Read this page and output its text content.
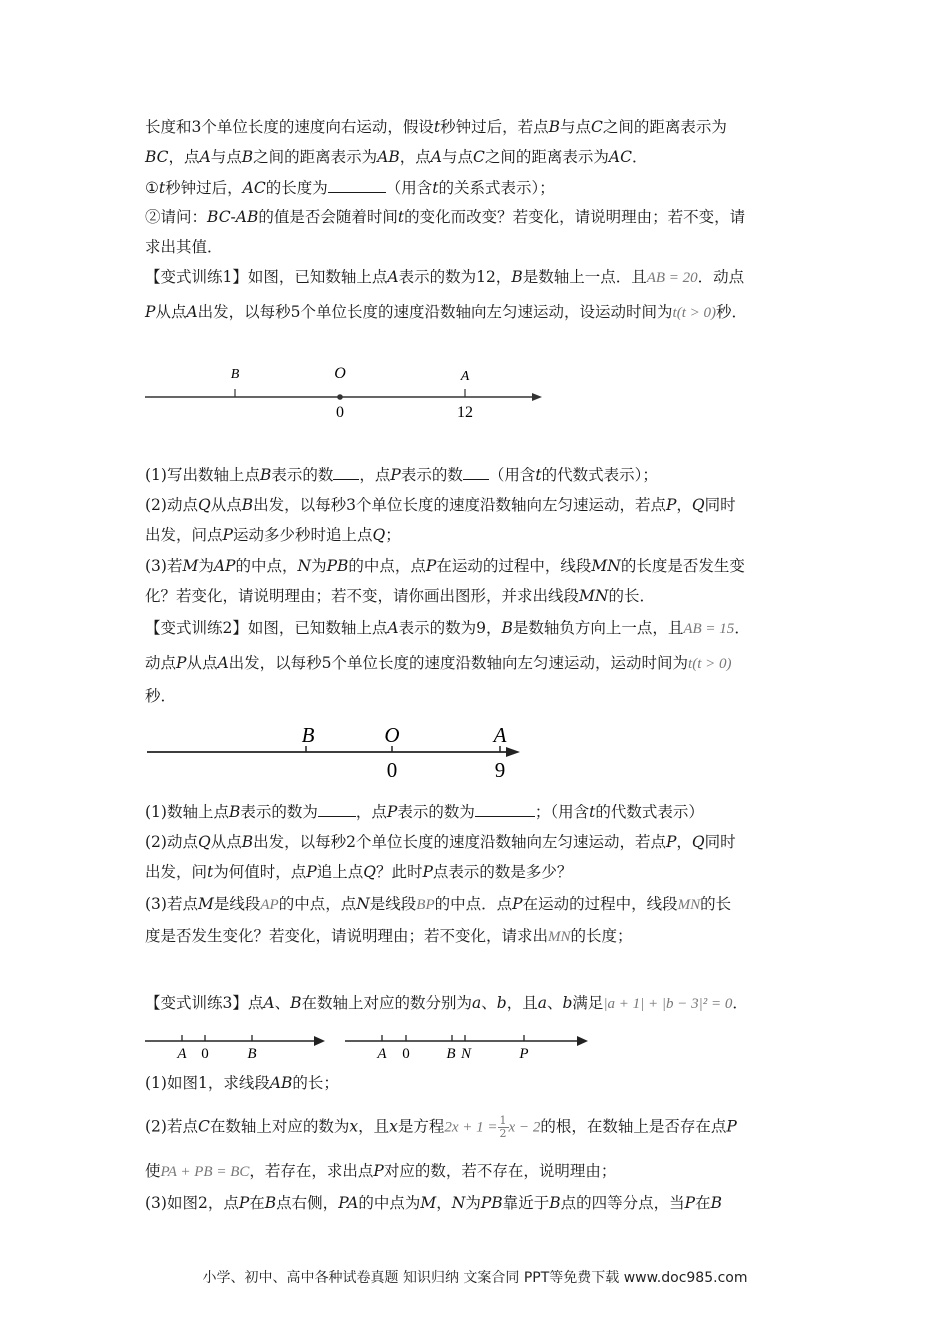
长度和3个单位长度的速度向右运动，假设t秒钟过后，若点B与点C之间的距离表示为
BC，点A与点B之间的距离表示为AB，点A与点C之间的距离表示为AC．
①t秒钟过后，AC的长度为	（用含t的关系式表示）；
②请问：BC-AB的值是否会随着时间t的变化而改变？若变化，请说明理由；若不变，请
求出其值．
【变式训练1】如图，已知数轴上点A表示的数为12，B是数轴上一点．且AB = 20．动点
P从点A出发，以每秒5个单位长度的速度沿数轴向左匀速运动，设运动时间为t(t > 0)秒．
B	O	A
0	12
(1)写出数轴上点B表示的数 ，点P表示的数 （用含t的代数式表示）；
(2)动点Q从点B出发，以每秒3个单位长度的速度沿数轴向左匀速运动，若点P，Q同时
出发，问点P运动多少秒时追上点Q；
(3)若M为AP的中点，N为PB的中点，点P在运动的过程中，线段MN的长度是否发生变
化？若变化，请说明理由；若不变，请你画出图形，并求出线段MN的长．
【变式训练2】如图，已知数轴上点A表示的数为9，B是数轴负方向上一点，且AB = 15．
动点P从点A出发，以每秒5个单位长度的速度沿数轴向左匀速运动，运动时间为t(t > 0)
秒．
B	O	A
0	9
(1)数轴上点B表示的数为 ，点P表示的数为	；（用含t的代数式表示）
(2)动点Q从点B出发，以每秒2个单位长度的速度沿数轴向左匀速运动，若点P，Q同时
出发，问t为何值时，点P追上点Q？此时P点表示的数是多少？
(3)若点M是线段AP的中点，点N是线段BP的中点．点P在运动的过程中，线段MN的长
度是否发生变化？若变化，请说明理由；若不变化，请求出MN的长度；
【变式训练3】点A、B在数轴上对应的数分别为a、b，且a、b满足|a + 1| + |b − 3|² = 0．
A 0	B	A 0 B N	P
(1)如图1，求线段AB的长；
(2)若点C在数轴上对应的数为x，且x是方程$2x + 1 = \frac{1}{2}$ x − 2的根，在数轴上是否存在点P
使PA + PB = BC，若存在，求出点P对应的数，若不存在，说明理由；
(3)如图2，点P在B点右侧，PA的中点为M，N为PB靠近于B点的四等分点，当P在B
小学、初中、高中各种试卷真题 知识归纳 文案合同 PPT等免费下载 www.doc985.com
